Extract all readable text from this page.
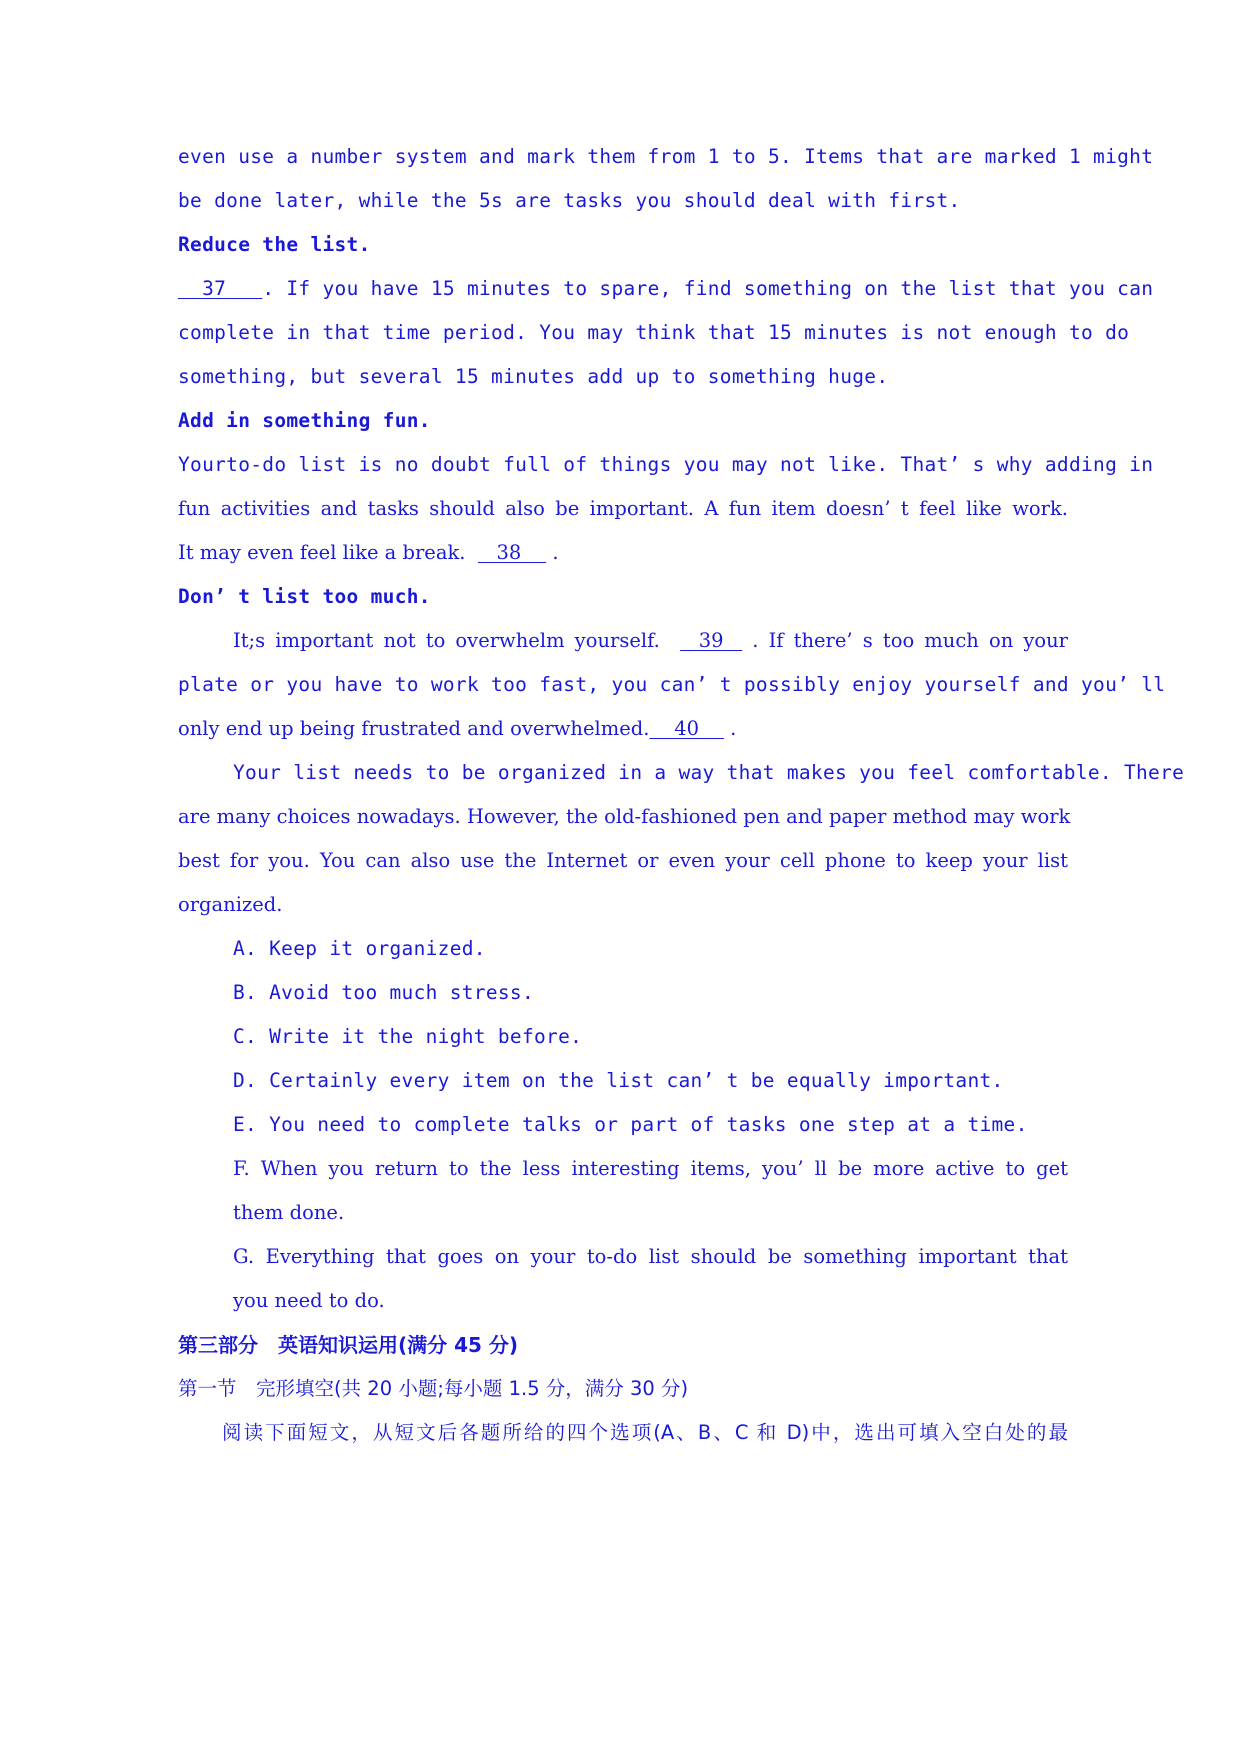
even use a number system and mark them from 1 to 5. Items that are marked 1 might
be done later, while the 5s are tasks you should deal with first.
Reduce the list.
37 . If you have 15 minutes to spare, find something on the list that you can
complete in that time period. You may think that 15 minutes is not enough to do
something, but several 15 minutes add up to something huge.
Add in something fun.
Yourto-do list is no doubt full of things you may not like. That’ s why adding in
fun activities and tasks should also be important. A fun item doesn’ t feel like work.
It may even feel like a break. 38 .
Don’ t list too much.
It;s important not to overwhelm yourself. 39 . If there’ s too much on your
plate or you have to work too fast, you can’ t possibly enjoy yourself and you’ ll
only end up being frustrated and overwhelmed. 40 .
Your list needs to be organized in a way that makes you feel comfortable. There
are many choices nowadays. However, the old-fashioned pen and paper method may work
best for you. You can also use the Internet or even your cell phone to keep your list
organized.
A. Keep it organized.
B. Avoid too much stress.
C. Write it the night before.
D. Certainly every item on the list can’ t be equally important.
E. You need to complete talks or part of tasks one step at a time.
F. When you return to the less interesting items, you’ ll be more active to get
them done.
G. Everything that goes on your to-do list should be something important that
you need to do.
第三部分　英语知识运用(满分 45 分)
第一节　完形填空(共 20 小题;每小题 1.5 分，满分 30 分)
阅读下面短文，从短文后各题所给的四个选项(A、B、C 和 D)中，选出可填入空白处的最
